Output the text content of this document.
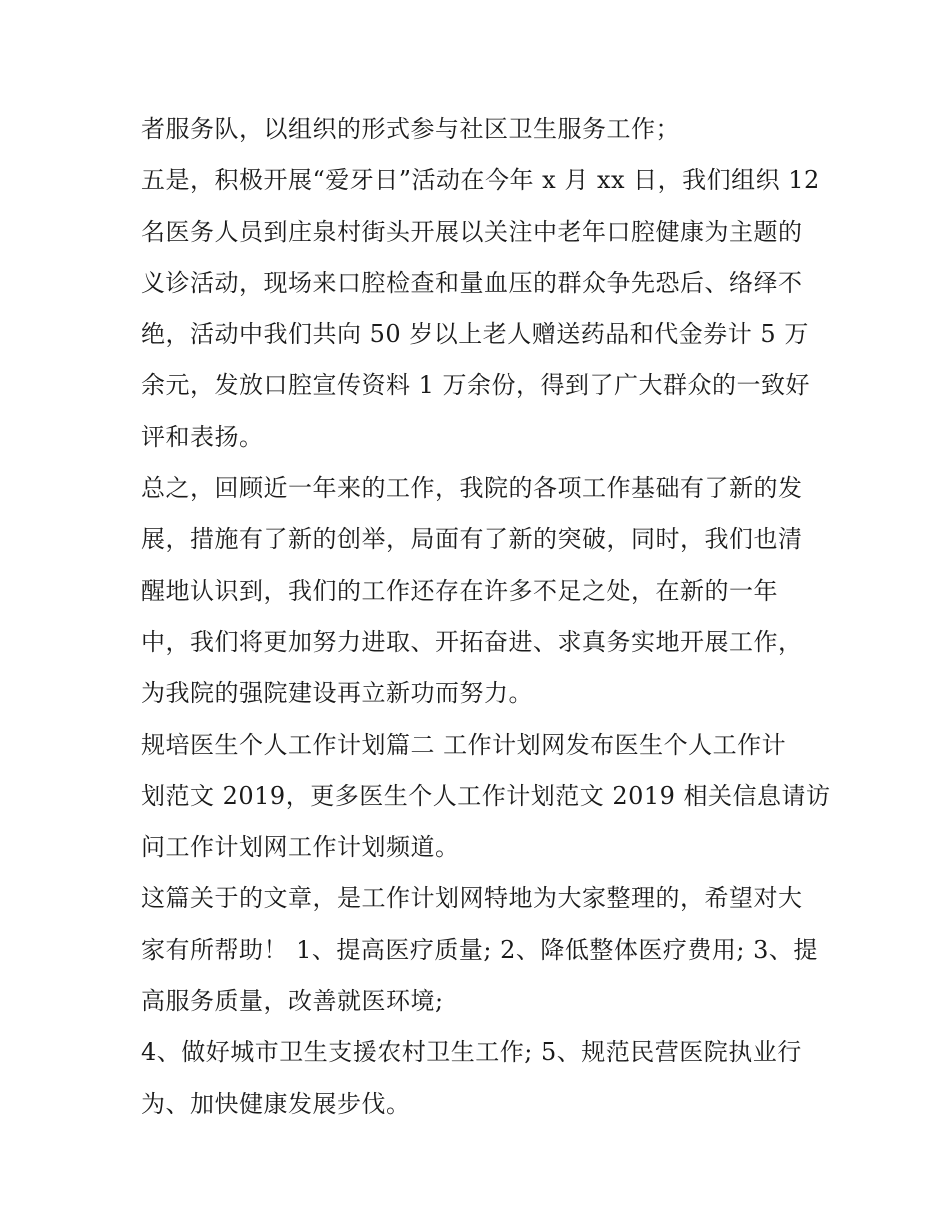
者服务队，以组织的形式参与社区卫生服务工作；

五是，积极开展“爱牙日”活动在今年 x 月 xx 日，我们组织 12

名医务人员到庄泉村街头开展以关注中老年口腔健康为主题的

义诊活动，现场来口腔检查和量血压的群众争先恐后、络绎不

绝，活动中我们共向 50 岁以上老人赠送药品和代金券计 5 万

余元，发放口腔宣传资料 1 万余份，得到了广大群众的一致好

评和表扬。

总之，回顾近一年来的工作，我院的各项工作基础有了新的发

展，措施有了新的创举，局面有了新的突破，同时，我们也清

醒地认识到，我们的工作还存在许多不足之处，在新的一年

中，我们将更加努力进取、开拓奋进、求真务实地开展工作，

为我院的强院建设再立新功而努力。

规培医生个人工作计划篇二 工作计划网发布医生个人工作计

划范文 2019，更多医生个人工作计划范文 2019 相关信息请访

问工作计划网工作计划频道。

这篇关于的文章，是工作计划网特地为大家整理的，希望对大

家有所帮助！ 1、提高医疗质量; 2、降低整体医疗费用; 3、提

高服务质量，改善就医环境;

4、做好城市卫生支援农村卫生工作; 5、规范民营医院执业行

为、加快健康发展步伐。
